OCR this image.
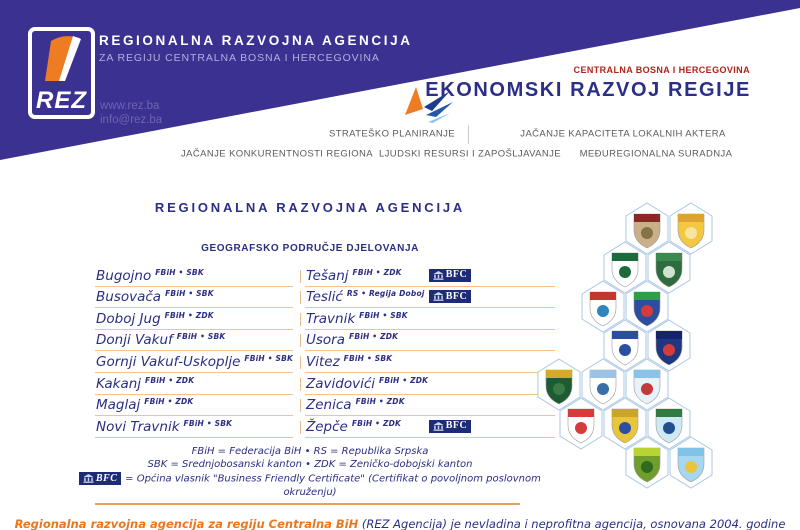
REZ
REGIONALNA RAZVOJNA AGENCIJA
ZA REGIJU CENTRALNA BOSNA I HERCEGOVINA
www.rez.ba
info@rez.ba
CENTRALNA BOSNA I HERCEGOVINA
EKONOMSKI RAZVOJ REGIJE
STRATEŠKO PLANIRANJE	JAČANJE KAPACITETA LOKALNIH AKTERA
JAČANJE KONKURENTNOSTI REGIONA LJUDSKI RESURSI I ZAPOŠLJAVANJE MEĐUREGIONALNA SURADNJA
REGIONALNA RAZVOJNA AGENCIJA
GEOGRAFSKO PODRUČJE DJELOVANJA
Bugojno $^{FBiH • SBK}$
Busovača $^{FBiH • SBK}$
Doboj Jug $^{FBiH • ZDK}$
Donji Vakuf $^{FBiH • SBK}$
Gornji Vakuf-Uskoplje $^{FBiH • SBK}$
Kakanj $^{FBiH • ZDK}$
Maglaj $^{FBiH • ZDK}$
Novi Travnik $^{FBiH • SBK}$
Tešanj $^{FBiH • ZDK}$	BFC
Teslić $^{RS • Regija Doboj}$ BFC
Travnik $^{FBiH • SBK}$
Usora $^{FBiH • ZDK}$
Vitez $^{FBiH • SBK}$
Zavidovići $^{FBiH • ZDK}$
Zenica $^{FBiH • ZDK}$
Žepče $^{FBiH • ZDK}$	BFC
FBiH = Federacija BiH • RS = Republika Srpska
SBK = Srednjobosanski kanton • ZDK = Zeničko-dobojski kanton
BFC = Općina vlasnik "Business Friendly Certificate" (Certifikat o povoljnom poslovnom okruženju)
Regionalna razvojna agencija za regiju Centralna BiH (REZ Agencija) je nevladina i neprofitna agencija, osnovana 2004. godine
